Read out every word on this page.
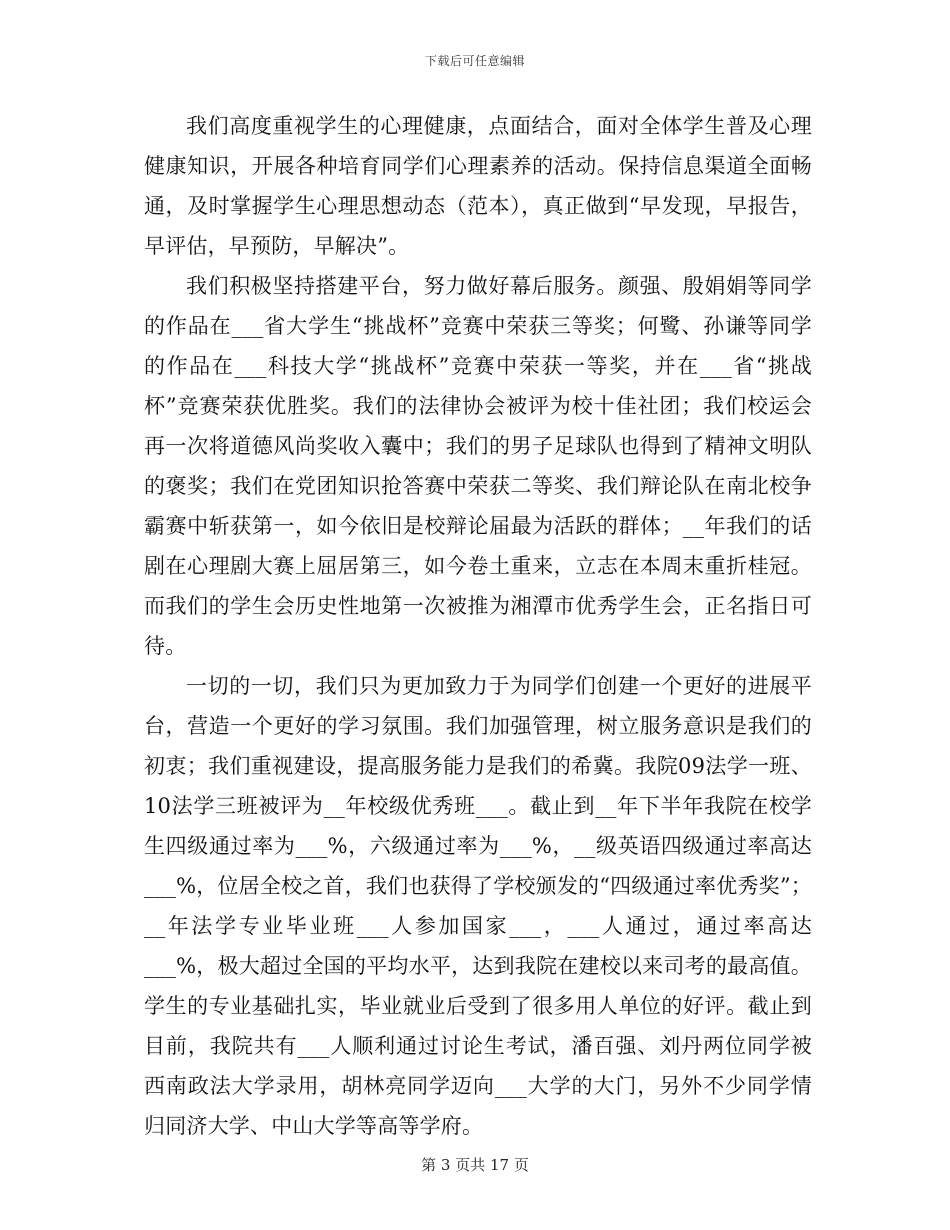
下载后可任意编辑

我们高度重视学生的心理健康，点面结合，面对全体学生普及心理健康知识，开展各种培育同学们心理素养的活动。保持信息渠道全面畅通，及时掌握学生心理思想动态（范本），真正做到“早发现，早报告，早评估，早预防，早解决”。

我们积极坚持搭建平台，努力做好幕后服务。颜强、殷娟娟等同学的作品在___省大学生“挑战杯”竞赛中荣获三等奖；何鹭、孙谦等同学的作品在___科技大学“挑战杯”竞赛中荣获一等奖，并在___省“挑战杯”竞赛荣获优胜奖。我们的法律协会被评为校十佳社团；我们校运会再一次将道德风尚奖收入囊中；我们的男子足球队也得到了精神文明队的褒奖；我们在党团知识抢答赛中荣获二等奖、我们辩论队在南北校争霸赛中斩获第一，如今依旧是校辩论届最为活跃的群体；__年我们的话剧在心理剧大赛上屈居第三，如今卷土重来，立志在本周末重折桂冠。而我们的学生会历史性地第一次被推为湘潭市优秀学生会，正名指日可待。

一切的一切，我们只为更加致力于为同学们创建一个更好的进展平台，营造一个更好的学习氛围。我们加强管理，树立服务意识是我们的初衷；我们重视建设，提高服务能力是我们的希冀。我院09法学一班、10法学三班被评为__年校级优秀班___。截止到__年下半年我院在校学生四级通过率为___%，六级通过率为___%，__级英语四级通过率高达___%，位居全校之首，我们也获得了学校颁发的“四级通过率优秀奖”；__年法学专业毕业班___人参加国家___，___人通过，通过率高达___%，极大超过全国的平均水平，达到我院在建校以来司考的最高值。学生的专业基础扎实，毕业就业后受到了很多用人单位的好评。截止到目前，我院共有___人顺利通过讨论生考试，潘百强、刘丹两位同学被西南政法大学录用，胡林亮同学迈向___大学的大门，另外不少同学情归同济大学、中山大学等高等学府。

第 3 页共 17 页
